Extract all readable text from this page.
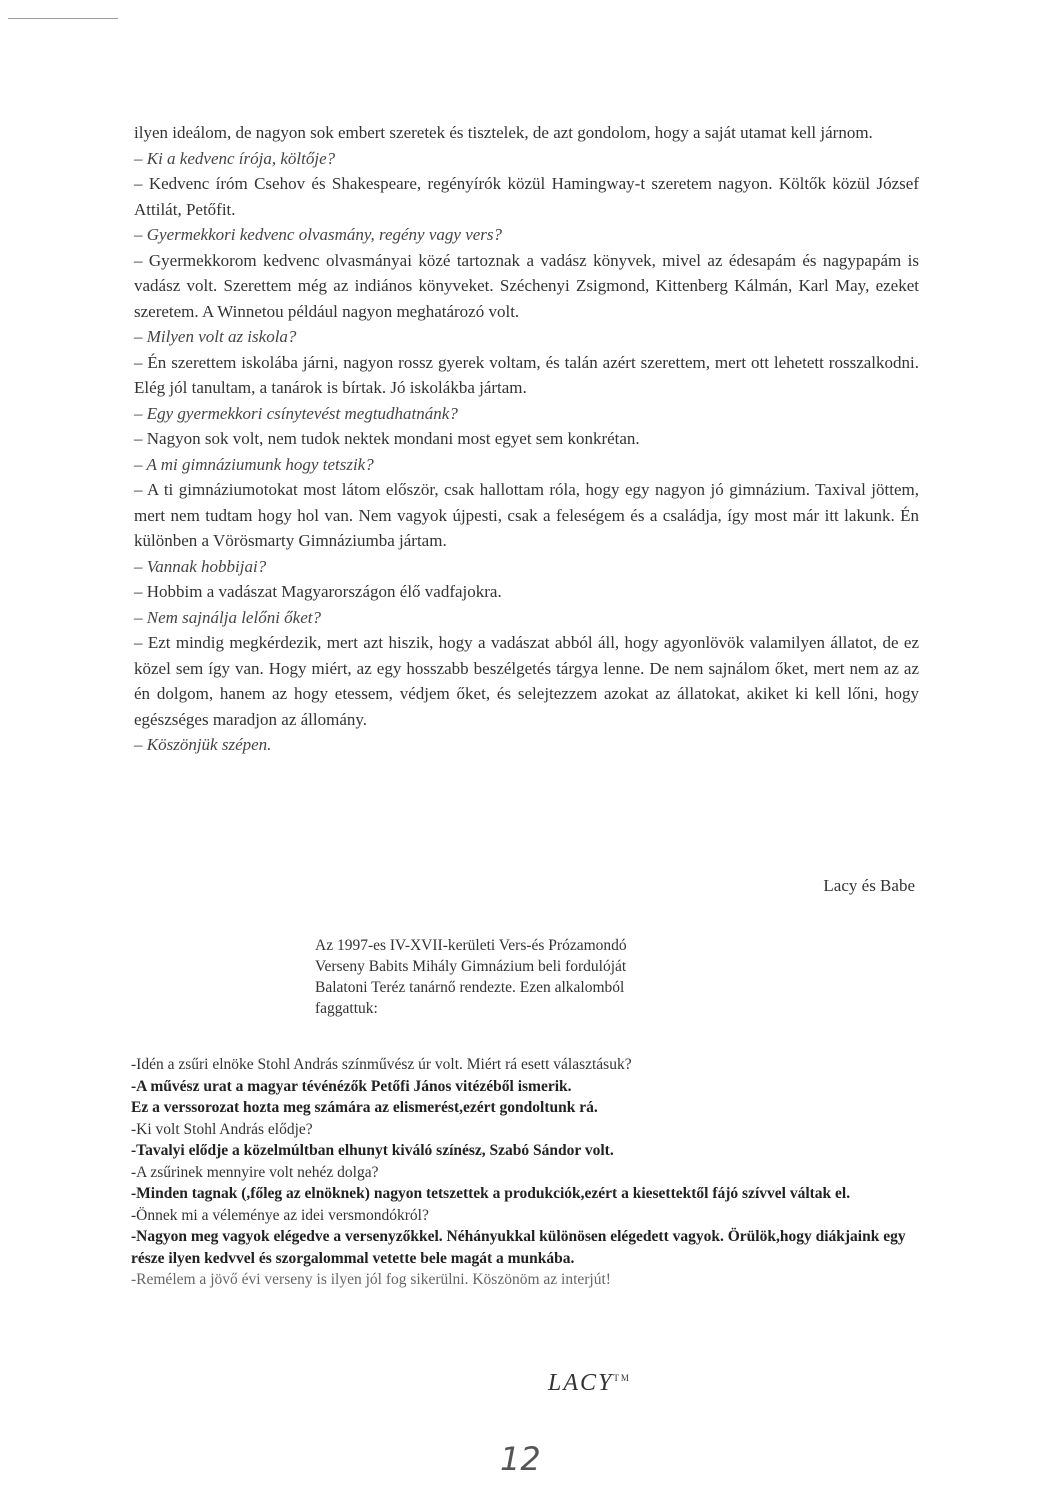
ilyen ideálom, de nagyon sok embert szeretek és tisztelek, de azt gondolom, hogy a saját utamat kell járnom.

– Ki a kedvenc írója, költője?

– Kedvenc íróm Csehov és Shakespeare, regényírók közül Hamingway-t szeretem nagyon. Költők közül József Attilát, Petőfit.

– Gyermekkori kedvenc olvasmány, regény vagy vers?

– Gyermekkorom kedvenc olvasmányai közé tartoznak a vadász könyvek, mivel az édesapám és nagypapám is vadász volt. Szerettem még az indiános könyveket. Széchenyi Zsigmond, Kittenberg Kálmán, Karl May, ezeket szeretem. A Winnetou például nagyon meghatározó volt.

– Milyen volt az iskola?

– Én szerettem iskolába járni, nagyon rossz gyerek voltam, és talán azért szerettem, mert ott lehetett rosszalkodni. Elég jól tanultam, a tanárok is bírtak. Jó iskolákba jártam.

– Egy gyermekkori csínytevést megtudhatnánk?

– Nagyon sok volt, nem tudok nektek mondani most egyet sem konkrétan.

– A mi gimnáziumunk hogy tetszik?

– A ti gimnáziumotokat most látom először, csak hallottam róla, hogy egy nagyon jó gimnázium. Taxival jöttem, mert nem tudtam hogy hol van. Nem vagyok újpesti, csak a feleségem és a családja, így most már itt lakunk. Én különben a Vörösmarty Gimnáziumba jártam.

– Vannak hobbijai?

– Hobbim a vadászat Magyarországon élő vadfajokra.

– Nem sajnálja lelőni őket?

– Ezt mindig megkérdezik, mert azt hiszik, hogy a vadászat abból áll, hogy agyonlövök valamilyen állatot, de ez közel sem így van. Hogy miért, az egy hosszabb beszélgetés tárgya lenne. De nem sajnálom őket, mert nem az az én dolgom, hanem az hogy etessem, védjem őket, és selejtezzem azokat az állatokat, akiket ki kell lőni, hogy egészséges maradjon az állomány.

– Köszönjük szépen.

Lacy és Babe

Az 1997-es IV-XVII-kerületi Vers-és Prózamondó

Verseny Babits Mihály Gimnázium beli fordulóját

Balatoni Teréz tanárnő rendezte. Ezen alkalomból

faggattuk:

-Idén a zsűri elnöke Stohl András színművész úr volt. Miért rá esett választásuk?

-A művész urat a magyar tévénézők Petőfi János vitézéből ismerik.

Ez a verssorozat hozta meg számára az elismerést,ezért gondoltunk rá.

-Ki volt Stohl András elődje?

-Tavalyi elődje a közelmúltban elhunyt kiváló színész, Szabó Sándor volt.

-A zsűrinek mennyire volt nehéz dolga?

-Minden tagnak (,főleg az elnöknek) nagyon tetszettek a produkciók,ezért a kiesettektől fájó szívvel váltak el.

-Önnek mi a véleménye az idei versmondókról?

-Nagyon meg vagyok elégedve a versenyzőkkel. Néhányukkal különösen elégedett vagyok. Örülök,hogy diákjaink egy része ilyen kedvvel és szorgalommal vetette bele magát a munkába.

-Remélem a jövő évi verseny is ilyen jól fog sikerülni. Köszönöm az interjút!

LACY™
12
